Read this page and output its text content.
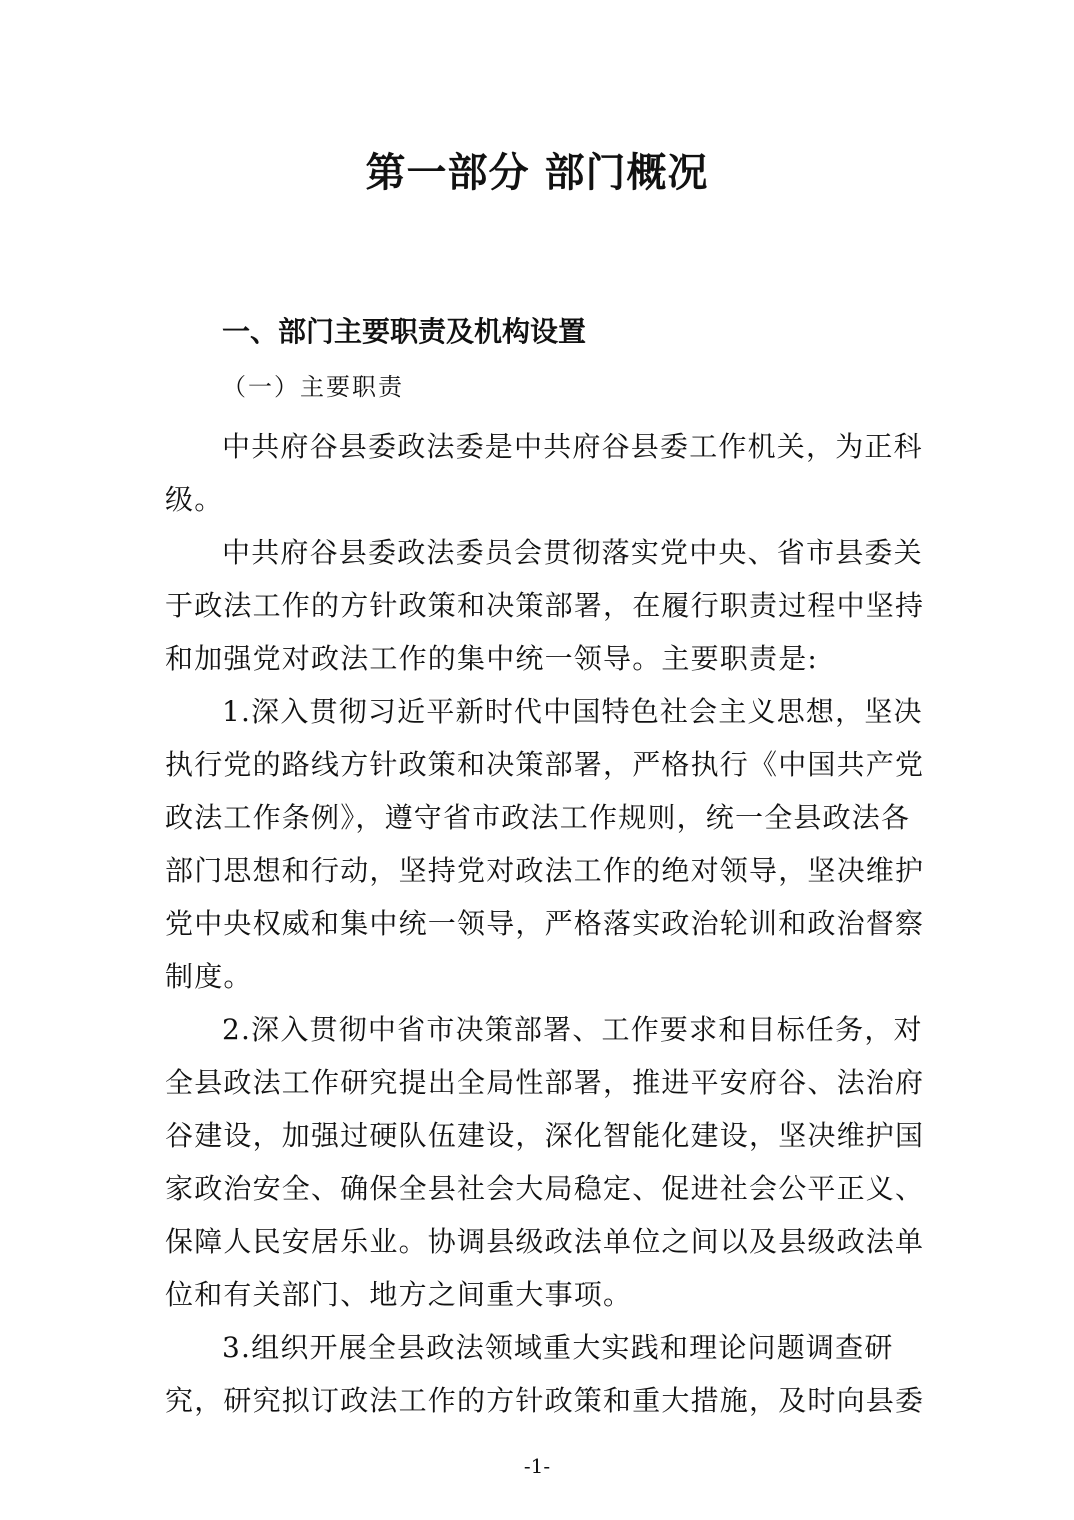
第一部分 部门概况
一、部门主要职责及机构设置
（一）主要职责
中共府谷县委政法委是中共府谷县委工作机关，为正科
级。
中共府谷县委政法委员会贯彻落实党中央、省市县委关
于政法工作的方针政策和决策部署，在履行职责过程中坚持
和加强党对政法工作的集中统一领导。主要职责是:
1.深入贯彻习近平新时代中国特色社会主义思想，坚决
执行党的路线方针政策和决策部署，严格执行《中国共产党
政法工作条例》，遵守省市政法工作规则，统一全县政法各
部门思想和行动，坚持党对政法工作的绝对领导，坚决维护
党中央权威和集中统一领导，严格落实政治轮训和政治督察
制度。
2.深入贯彻中省市决策部署、工作要求和目标任务，对
全县政法工作研究提出全局性部署，推进平安府谷、法治府
谷建设，加强过硬队伍建设，深化智能化建设，坚决维护国
家政治安全、确保全县社会大局稳定、促进社会公平正义、
保障人民安居乐业。协调县级政法单位之间以及县级政法单
位和有关部门、地方之间重大事项。
3.组织开展全县政法领域重大实践和理论问题调查研
究，研究拟订政法工作的方针政策和重大措施，及时向县委
-1-
